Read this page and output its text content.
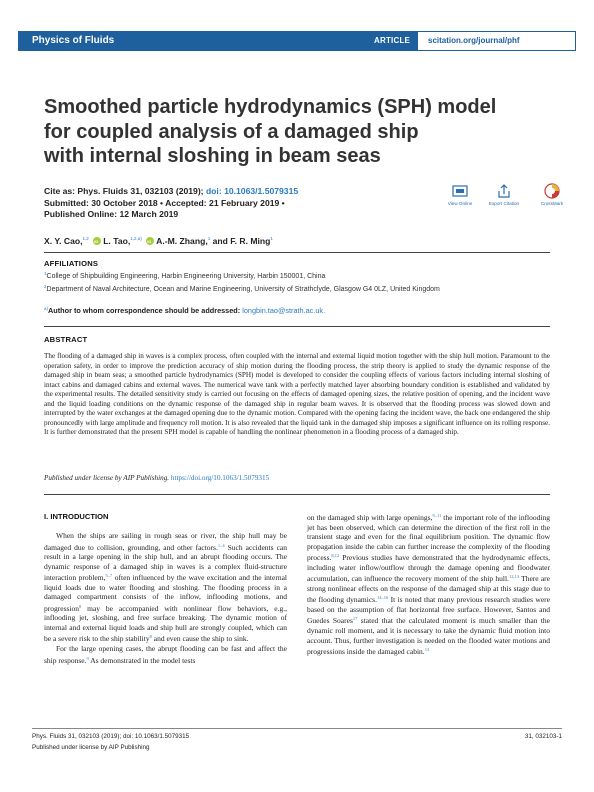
Physics of Fluids	ARTICLE scitation.org/journal/phf
Smoothed particle hydrodynamics (SPH) model
for coupled analysis of a damaged ship
with internal sloshing in beam seas
Cite as: Phys. Fluids 31, 032103 (2019); doi: 10.1063/1.5079315
Submitted: 30 October 2018 • Accepted: 21 February 2019 •
Published Online: 12 March 2019
View Online	Export Citation	CrossMark
X. Y. Cao,$^{1,2}$ iD L. Tao,$^{1,2,a)}$ iD A.-M. Zhang,$^1$ and F. R. Ming$^1$
AFFILIATIONS
$^1$College of Shipbuilding Engineering, Harbin Engineering University, Harbin 150001, China
$^2$Department of Naval Architecture, Ocean and Marine Engineering, University of Strathclyde, Glasgow G4 0LZ, United Kingdom
$^{a)}$Author to whom correspondence should be addressed: longbin.tao@strath.ac.uk.
ABSTRACT
The flooding of a damaged ship in waves is a complex process, often coupled with the internal and external liquid motion together with the ship hull motion. Paramount to the operation safety, in order to improve the prediction accuracy of ship motion during the flooding process, the strip theory is applied to study the dynamic response of the damaged ship in beam seas; a smoothed particle hydrodynamics (SPH) model is developed to consider the coupling effects of various factors including internal sloshing of intact cabins and damaged cabins and external waves. The numerical wave tank with a perfectly matched layer absorbing boundary condition is established and validated by the experimental results. The detailed sensitivity study is carried out focusing on the effects of damaged opening sizes, the relative position of opening, and the incident wave and the liquid loading conditions on the dynamic response of the damaged ship in regular beam waves. It is observed that the flooding process was slowed down and interrupted by the water exchanges at the damaged opening due to the dynamic motion. Compared with the opening facing the incident wave, the back one endangered the ship pronouncedly with large amplitude and frequency roll motion. It is also revealed that the liquid tank in the damaged ship imposes a significant influence on its rolling response. It is further demonstrated that the present SPH model is capable of handling the nonlinear phenomenon in a flooding process of a damaged ship.
Published under license by AIP Publishing. https://doi.org/10.1063/1.5079315
I. INTRODUCTION

When the ships are sailing in rough seas or river, the ship hull may be damaged due to collision, grounding, and other factors.$^{1-4}$ Such accidents can result in a large opening in the ship hull, and an abrupt flooding occurs. The dynamic response of a damaged ship in waves is a complex fluid-structure interaction problem,$^{5-7}$ often influenced by the wave excitation and the internal liquid loads due to water flooding and sloshing. The flooding process in a damaged compartment consists of the inflow, inflooding motions, and progression$^8$ may be accompanied with nonlinear flow behaviors, e.g., inflooding jet, sloshing, and free surface breaking. The dynamic motion of internal and external liquid loads and ship hull are strongly coupled, which can be a severe risk to the ship stability$^8$ and even cause the ship to sink.

For the large opening cases, the abrupt flooding can be fast and affect the ship response.$^9$ As demonstrated in the model tests

on the damaged ship with large openings,$^{9-11}$ the important role of the inflooding jet has been observed, which can determine the direction of the first roll in the transient stage and even for the final equilibrium position. The dynamic flow propagation inside the cabin can further increase the complexity of the flooding process.$^{8,12}$ Previous studies have demonstrated that the hydrodynamic effects, including water inflow/outflow through the damage opening and floodwater accumulation, can influence the recovery moment of the ship hull.$^{12,13}$ There are strong nonlinear effects on the response of the damaged ship at this stage due to the flooding dynamics.$^{14-16}$ It is noted that many previous research studies were based on the assumption of flat horizontal free surface. However, Santos and Guedes Soares$^{17}$ stated that the calculated moment is much smaller than the dynamic roll moment, and it is necessary to take the dynamic fluid motion into account. Thus, further investigation is needed on the flooded water motions and progressions inside the damaged cabin.$^{13}$

Phys. Fluids 31, 032103 (2019); doi: 10.1063/1.5079315	31, 032103-1
Published under license by AIP Publishing
